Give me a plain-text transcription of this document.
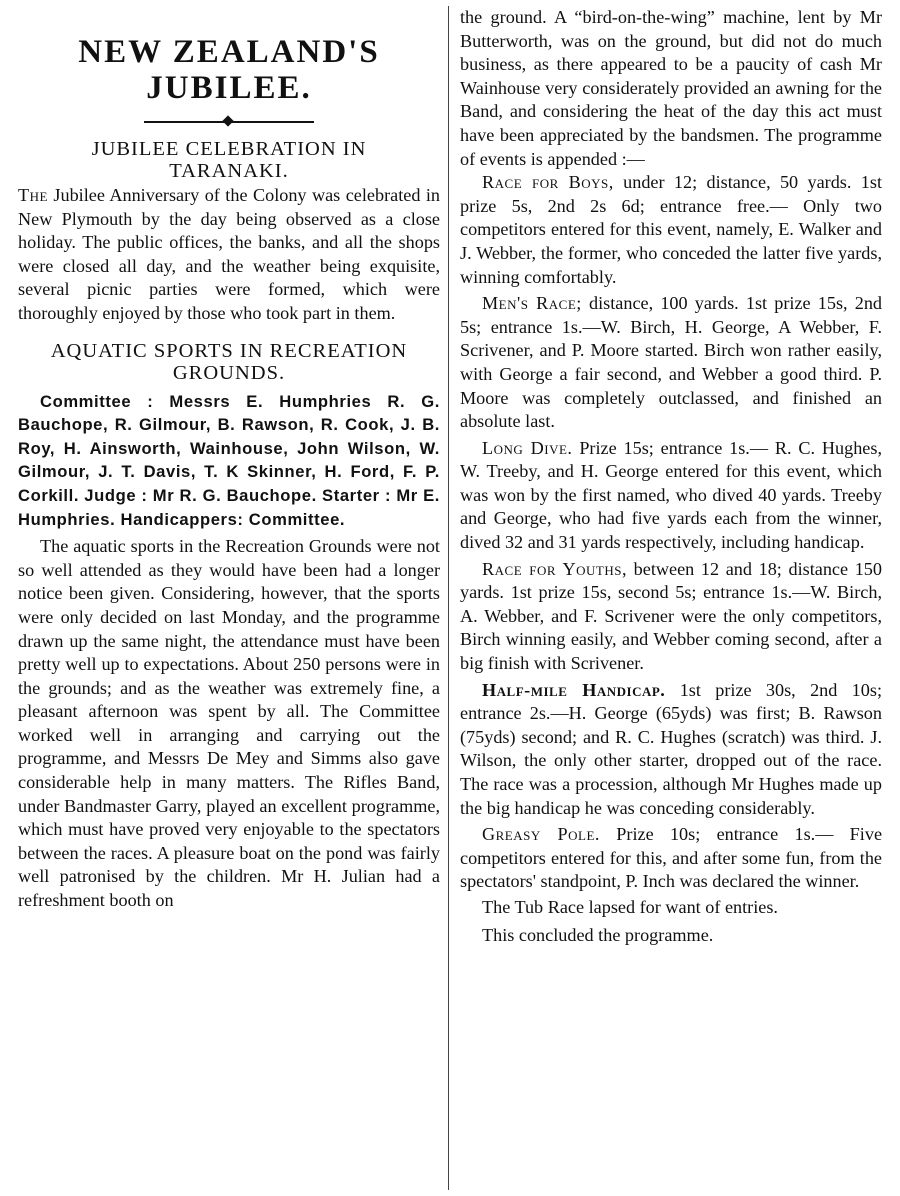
NEW ZEALAND'S
JUBILEE.
JUBILEE CELEBRATION IN
TARANAKI.

The Jubilee Anniversary of the Colony was celebrated in New Plymouth by the day being observed as a close holiday. The public offices, the banks, and all the shops were closed all day, and the weather being exquisite, several picnic parties were formed, which were thoroughly enjoyed by those who took part in them.

AQUATIC SPORTS IN RECREATION
GROUNDS.

Committee : Messrs E. Humphries R. G. Bauchope, R. Gilmour, B. Rawson, R. Cook, J. B. Roy, H. Ainsworth, Wainhouse, John Wilson, W. Gilmour, J. T. Davis, T. K Skinner, H. Ford, F. P. Corkill. Judge : Mr R. G. Bauchope. Starter : Mr E. Humphries. Handicappers: Committee.

The aquatic sports in the Recreation Grounds were not so well attended as they would have been had a longer notice been given. Considering, however, that the sports were only decided on last Monday, and the programme drawn up the same night, the attendance must have been pretty well up to expectations. About 250 persons were in the grounds; and as the weather was extremely fine, a pleasant afternoon was spent by all. The Committee worked well in arranging and carrying out the programme, and Messrs De Mey and Simms also gave considerable help in many matters. The Rifles Band, under Bandmaster Garry, played an excellent programme, which must have proved very enjoyable to the spectators between the races. A pleasure boat on the pond was fairly well patronised by the children. Mr H. Julian had a refreshment booth on

the ground. A “bird-on-the-wing” machine, lent by Mr Butterworth, was on the ground, but did not do much business, as there appeared to be a paucity of cash Mr Wainhouse very considerately provided an awning for the Band, and considering the heat of the day this act must have been appreciated by the bandsmen. The programme of events is appended :—

Race for Boys, under 12; distance, 50 yards. 1st prize 5s, 2nd 2s 6d; entrance free.— Only two competitors entered for this event, namely, E. Walker and J. Webber, the former, who conceded the latter five yards, winning comfortably.

Men's Race; distance, 100 yards. 1st prize 15s, 2nd 5s; entrance 1s.—W. Birch, H. George, A Webber, F. Scrivener, and P. Moore started. Birch won rather easily, with George a fair second, and Webber a good third. P. Moore was completely outclassed, and finished an absolute last.

Long Dive. Prize 15s; entrance 1s.— R. C. Hughes, W. Treeby, and H. George entered for this event, which was won by the first named, who dived 40 yards. Treeby and George, who had five yards each from the winner, dived 32 and 31 yards respectively, including handicap.

Race for Youths, between 12 and 18; distance 150 yards. 1st prize 15s, second 5s; entrance 1s.—W. Birch, A. Webber, and F. Scrivener were the only competitors, Birch winning easily, and Webber coming second, after a big finish with Scrivener.

Half-mile Handicap. 1st prize 30s, 2nd 10s; entrance 2s.—H. George (65yds) was first; B. Rawson (75yds) second; and R. C. Hughes (scratch) was third. J. Wilson, the only other starter, dropped out of the race. The race was a procession, although Mr Hughes made up the big handicap he was conceding considerably.

Greasy Pole. Prize 10s; entrance 1s.— Five competitors entered for this, and after some fun, from the spectators' standpoint, P. Inch was declared the winner.

The Tub Race lapsed for want of entries.

This concluded the programme.
